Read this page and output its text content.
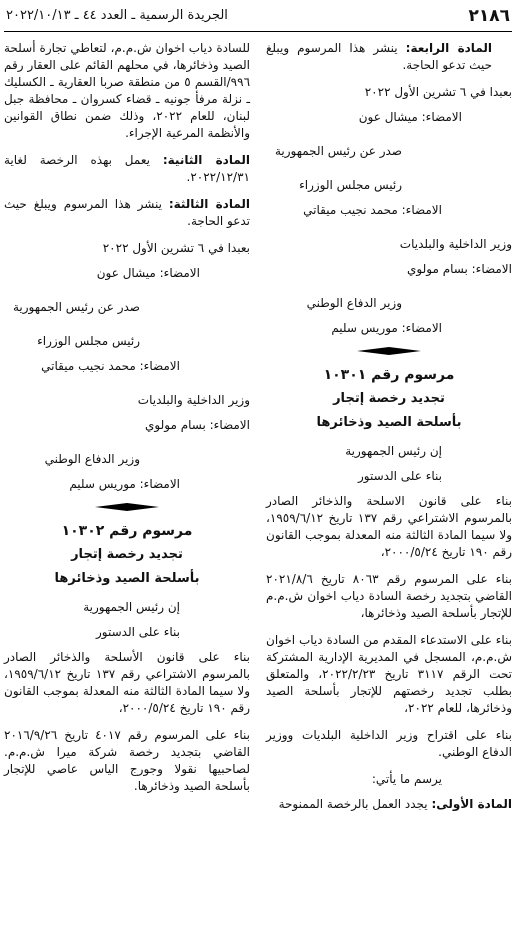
٢١٨٦
الجريدة الرسمية ـ العدد ٤٤ ـ ٢٠٢٢/١٠/١٣

المادة الرابعة: ينشر هذا المرسوم ويبلغ حيث تدعو الحاجة.

بعبدا في ٦ تشرين الأول ٢٠٢٢
الامضاء: ميشال عون
صدر عن رئيس الجمهورية
رئيس مجلس الوزراء
الامضاء: محمد نجيب ميقاتي
وزير الداخلية والبلديات
الامضاء: بسام مولوي
وزير الدفاع الوطني
الامضاء: موريس سليم
مرسوم رقم ١٠٣٠١
تجديد رخصة إتجار
بأسلحة الصيد وذخائرها
إن رئيس الجمهورية
بناء على الدستور

بناء على قانون الاسلحة والذخائر الصادر بالمرسوم الاشتراعي رقم ١٣٧ تاريخ ١٩٥٩/٦/١٢، ولا سيما المادة الثالثة منه المعدلة بموجب القانون رقم ١٩٠ تاريخ ٢٠٠٠/٥/٢٤،

بناء على المرسوم رقم ٨٠٦٣ تاريخ ٢٠٢١/٨/٦ القاضي بتجديد رخصة السادة دياب اخوان ش.م.م للإتجار بأسلحة الصيد وذخائرها،

بناء على الاستدعاء المقدم من السادة دياب اخوان ش.م.م، المسجل في المديرية الإدارية المشتركة تحت الرقم ٣١١٧ تاريخ ٢٠٢٢/٢/٢٣، والمتعلق بطلب تجديد رخصتهم للإتجار بأسلحة الصيد وذخائرها، للعام ٢٠٢٢،

بناء على اقتراح وزير الداخلية البلديات ووزير الدفاع الوطني.

يرسم ما يأتي:

المادة الأولى: يجدد العمل بالرخصة الممنوحة

للسادة دياب اخوان ش.م.م، لتعاطي تجارة أسلحة الصيد وذخائرها، في محلهم القائم على العقار رقم ٩٩٦/القسم ٥ من منطقة صربا العقارية ـ الكسليك ـ نزلة مرفأ جونيه ـ قضاء كسروان ـ محافظة جبل لبنان، للعام ٢٠٢٢، وذلك ضمن نطاق القوانين والأنظمة المرعية الإجراء.

المادة الثانية: يعمل بهذه الرخصة لغاية ٢٠٢٢/١٢/٣١.

المادة الثالثة: ينشر هذا المرسوم ويبلغ حيث تدعو الحاجة.

بعبدا في ٦ تشرين الأول ٢٠٢٢
الامضاء: ميشال عون
صدر عن رئيس الجمهورية
رئيس مجلس الوزراء
الامضاء: محمد نجيب ميقاتي
وزير الداخلية والبلديات
الامضاء: بسام مولوي
وزير الدفاع الوطني
الامضاء: موريس سليم
مرسوم رقم ١٠٣٠٢
تجديد رخصة إتجار
بأسلحة الصيد وذخائرها
إن رئيس الجمهورية
بناء على الدستور

بناء على قانون الأسلحة والذخائر الصادر بالمرسوم الاشتراعي رقم ١٣٧ تاريخ ١٩٥٩/٦/١٢، ولا سيما المادة الثالثة منه المعدلة بموجب القانون رقم ١٩٠ تاريخ ٢٠٠٠/٥/٢٤،

بناء على المرسوم رقم ٤٠١٧ تاريخ ٢٠١٦/٩/٢٦ القاضي بتجديد رخصة شركة ميرا ش.م.م. لصاحبيها نقولا وجورج الياس عاصي للإتجار بأسلحة الصيد وذخائرها.
